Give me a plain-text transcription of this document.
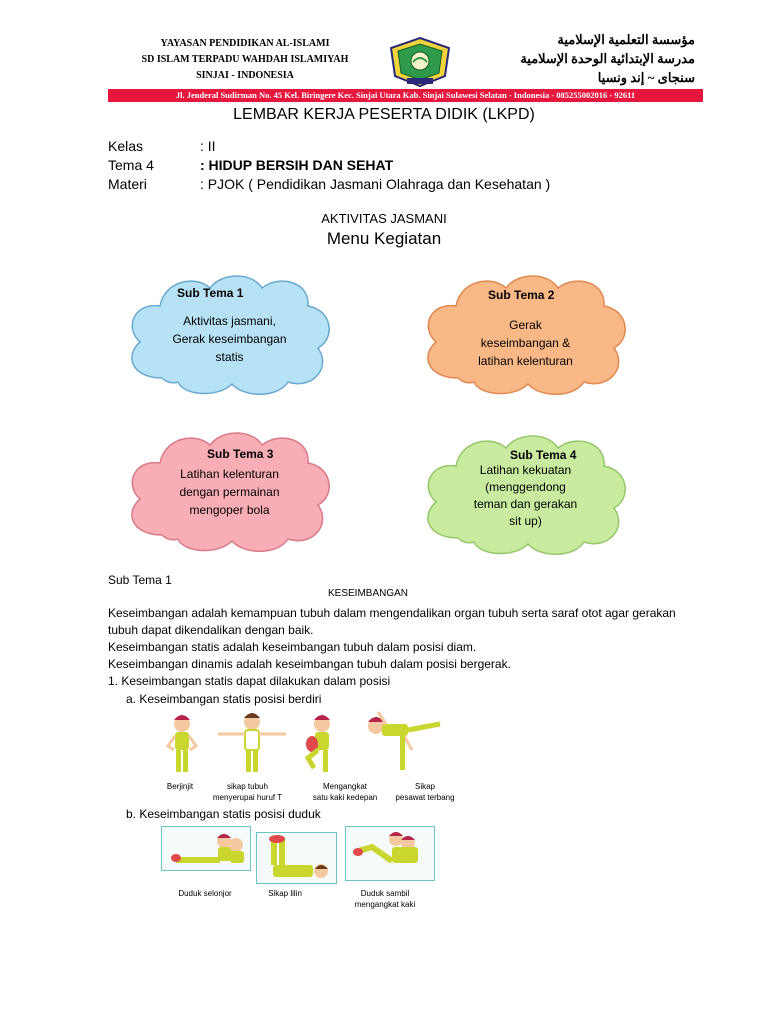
YAYASAN PENDIDIKAN AL-ISLAMI
SD ISLAM TERPADU WAHDAH ISLAMIYAH
SINJAI - INDONESIA
مؤسسة التعلمية الإسلامية
مدرسة الإبتدائية الوحدة الإسلامية
سنجاى ~ إند ونسيا
Jl. Jenderal Sudirman No. 45 Kel. Biringere Kec. Sinjai Utara Kab. Sinjai Sulawesi Selatan - Indonesia - 085255002016 - 92611
LEMBAR KERJA PESERTA DIDIK (LKPD)
Kelas	: II
Tema 4	: HIDUP BERSIH DAN SEHAT
Materi	: PJOK ( Pendidikan Jasmani Olahraga dan Kesehatan )
AKTIVITAS JASMANI
Menu Kegiatan
Sub Tema 1
Aktivitas jasmani,
Gerak keseimbangan
statis
Sub Tema 2
Gerak
keseimbangan &
latihan kelenturan
Sub Tema 3
Latihan kelenturan
dengan permainan
mengoper bola
Sub Tema 4
Latihan kekuatan
(menggendong
teman dan gerakan
sit up)
Sub Tema 1
KESEIMBANGAN
Keseimbangan adalah kemampuan tubuh dalam mengendalikan organ tubuh serta saraf otot agar gerakan
tubuh dapat dikendalikan dengan baik.
Keseimbangan statis adalah keseimbangan tubuh dalam posisi diam.
Keseimbangan dinamis adalah keseimbangan tubuh dalam posisi bergerak.
1. Keseimbangan statis dapat dilakukan dalam posisi
a. Keseimbangan statis posisi berdiri
Berjinjit	sikap tubuh
menyerupai huruf T
Mengangkat
satu kaki kedepan
Sikap
pesawat terbang
b. Keseimbangan statis posisi duduk
Duduk selonjor	Sikap lilin	Duduk sambil
mengangkat kaki
